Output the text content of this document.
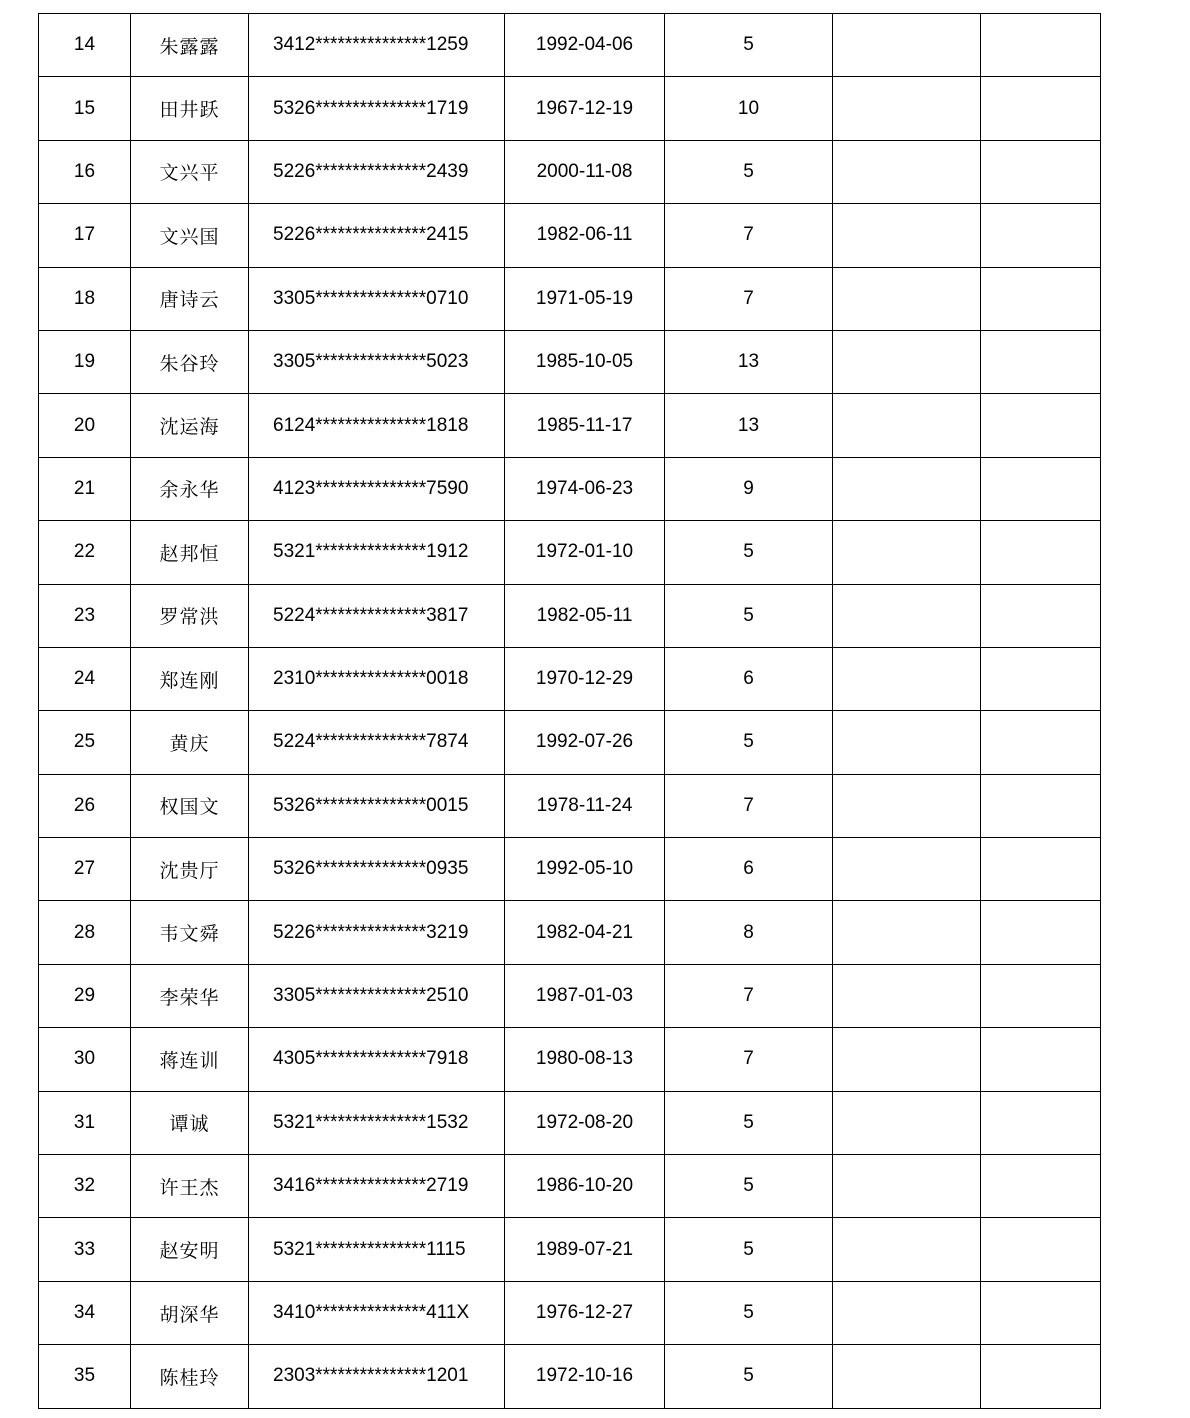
14	朱露露	3412***************1259	1992-04-06	5		
15	田井跃	5326***************1719	1967-12-19	10		
16	文兴平	5226***************2439	2000-11-08	5		
17	文兴国	5226***************2415	1982-06-11	7		
18	唐诗云	3305***************0710	1971-05-19	7		
19	朱谷玲	3305***************5023	1985-10-05	13		
20	沈运海	6124***************1818	1985-11-17	13		
21	余永华	4123***************7590	1974-06-23	9		
22	赵邦恒	5321***************1912	1972-01-10	5		
23	罗常洪	5224***************3817	1982-05-11	5		
24	郑连刚	2310***************0018	1970-12-29	6		
25	黄庆	5224***************7874	1992-07-26	5		
26	权国文	5326***************0015	1978-11-24	7		
27	沈贵厅	5326***************0935	1992-05-10	6		
28	韦文舜	5226***************3219	1982-04-21	8		
29	李荣华	3305***************2510	1987-01-03	7		
30	蒋连训	4305***************7918	1980-08-13	7		
31	谭诚	5321***************1532	1972-08-20	5		
32	许王杰	3416***************2719	1986-10-20	5		
33	赵安明	5321***************1115	1989-07-21	5		
34	胡深华	3410***************411X	1976-12-27	5		
35	陈桂玲	2303***************1201	1972-10-16	5		
